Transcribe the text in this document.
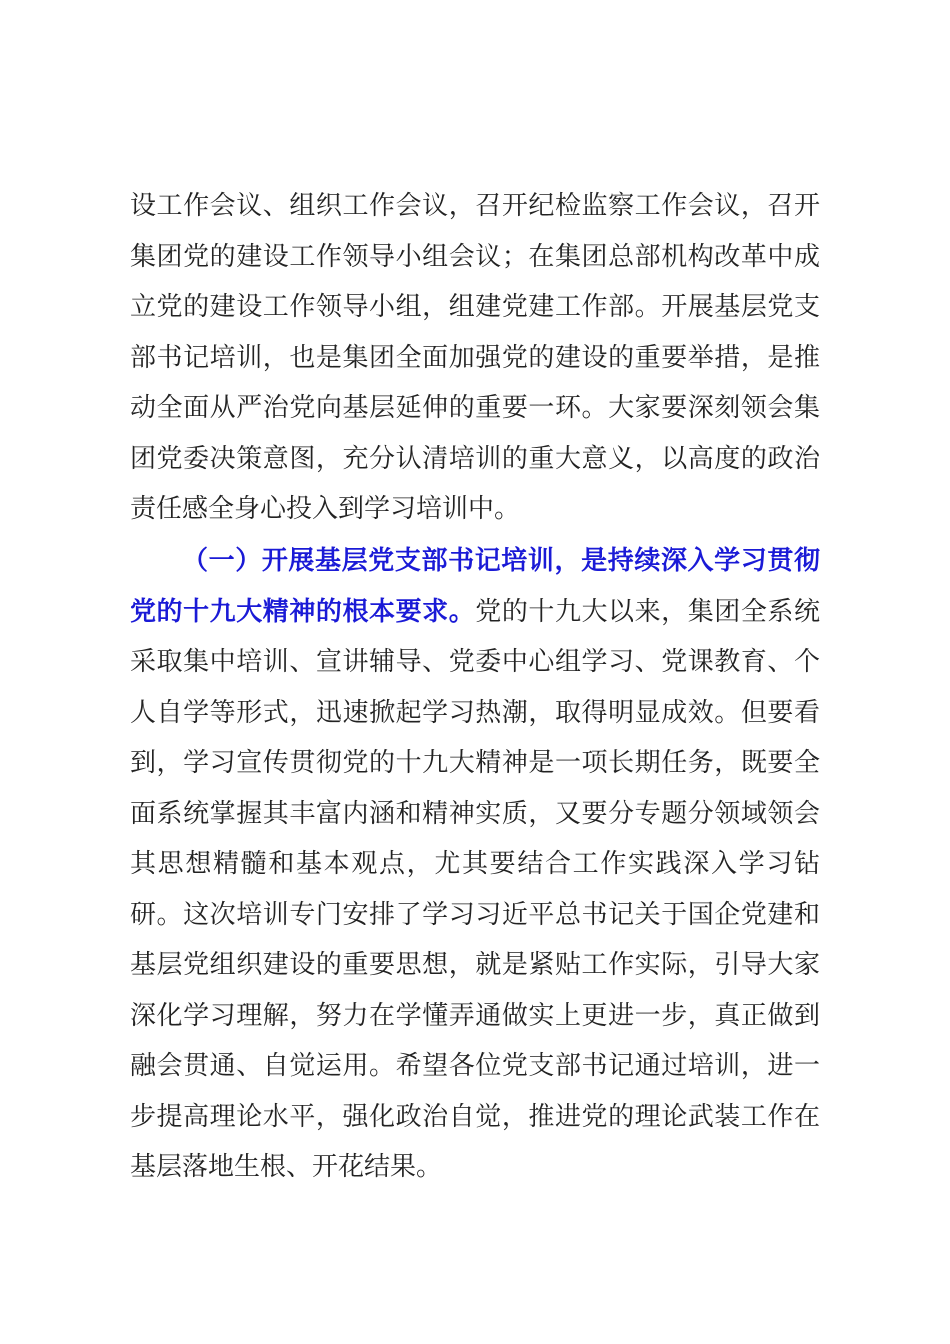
设工作会议、组织工作会议，召开纪检监察工作会议，召开集团党的建设工作领导小组会议；在集团总部机构改革中成立党的建设工作领导小组，组建党建工作部。开展基层党支部书记培训，也是集团全面加强党的建设的重要举措，是推动全面从严治党向基层延伸的重要一环。大家要深刻领会集团党委决策意图，充分认清培训的重大意义，以高度的政治责任感全身心投入到学习培训中。

（一）开展基层党支部书记培训，是持续深入学习贯彻党的十九大精神的根本要求。党的十九大以来，集团全系统采取集中培训、宣讲辅导、党委中心组学习、党课教育、个人自学等形式，迅速掀起学习热潮，取得明显成效。但要看到，学习宣传贯彻党的十九大精神是一项长期任务，既要全面系统掌握其丰富内涵和精神实质，又要分专题分领域领会其思想精髓和基本观点，尤其要结合工作实践深入学习钻研。这次培训专门安排了学习习近平总书记关于国企党建和基层党组织建设的重要思想，就是紧贴工作实际，引导大家深化学习理解，努力在学懂弄通做实上更进一步，真正做到融会贯通、自觉运用。希望各位党支部书记通过培训，进一步提高理论水平，强化政治自觉，推进党的理论武装工作在基层落地生根、开花结果。
